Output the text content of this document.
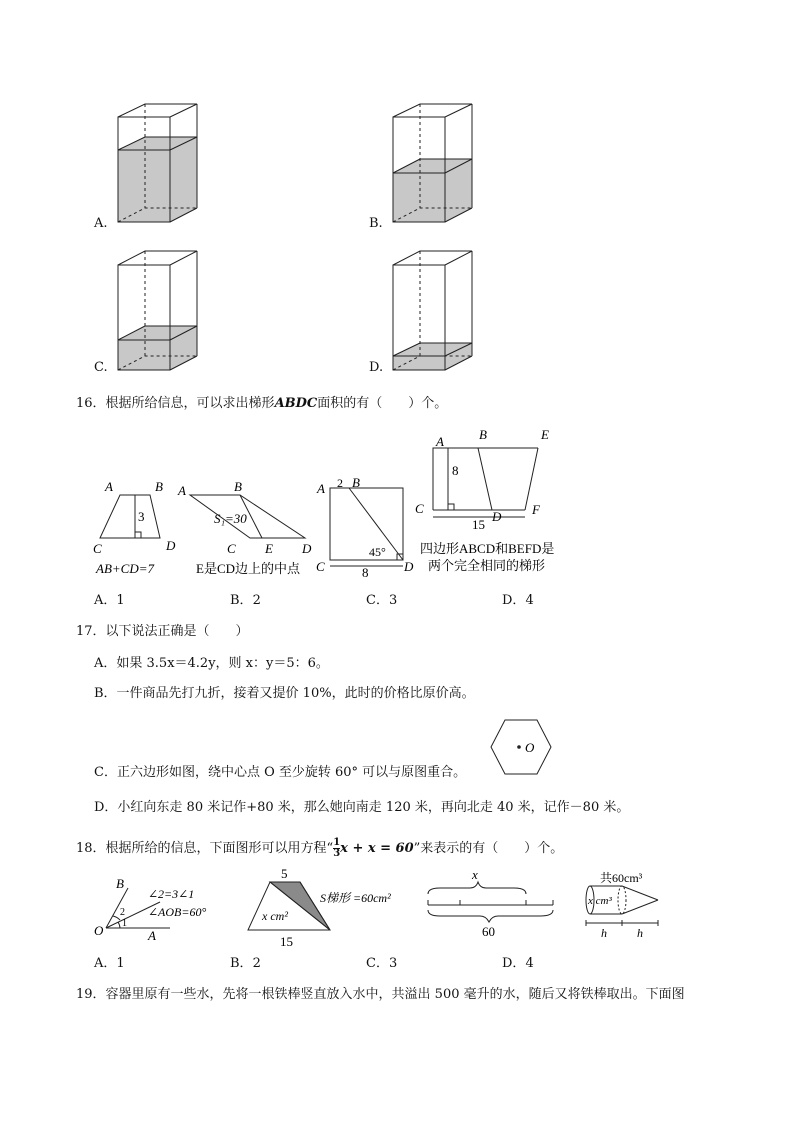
A.	B.
C.	D.
16．根据所给信息，可以求出梯形ABDC面积的有（　　）个。
A	B
C	D
3
AB+CD=7
A	B
C E D
S₁=30
E是CD边上的中点
A B
C	D
2
45°
8
A	B	E
C
D F
8
15
四边形ABCD和BEFD是
两个完全相同的梯形
A．1	B．2	C．3	D．4
17．以下说法正确是（　　）
A．如果 3.5x＝4.2y，则 x：y＝5：6。
B．一件商品先打九折，接着又提价 10%，此时的价格比原价高。
C．正六边形如图，绕中心点 O 至少旋转 60° 可以与原图重合。
D．小红向东走 80 米记作+80 米，那么她向南走 120 米，再向北走 40 米，记作－80 米。
O
18．根据所给的信息，下面图形可以用方程“ $\frac{1}{3}$ x + x = 60”来表示的有（　　）个。
B
O	A
1
2
∠2=3∠1
∠AOB=60°
5
x cm²
S梯形 =60cm²
15
x
60
共60cm³
x cm³
h	h
A．1	B．2	C．3	D．4
19．容器里原有一些水，先将一根铁棒竖直放入水中，共溢出 500 毫升的水，随后又将铁棒取出。下面图
